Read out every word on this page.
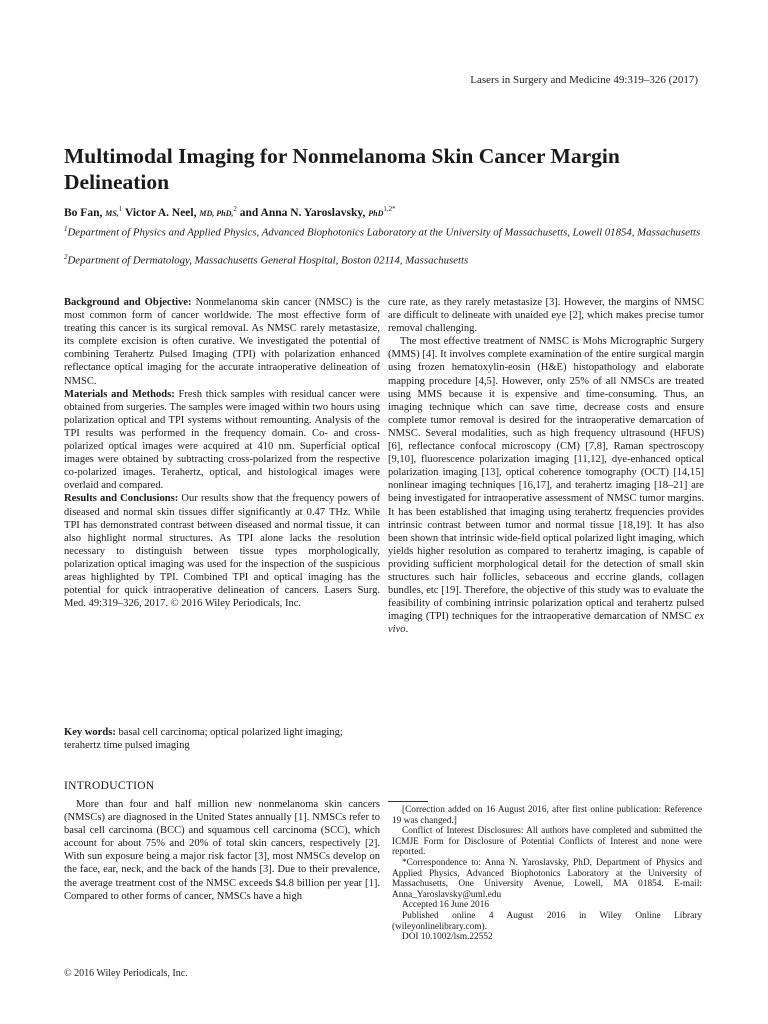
Lasers in Surgery and Medicine 49:319–326 (2017)
Multimodal Imaging for Nonmelanoma Skin Cancer Margin Delineation
Bo Fan, MS,$^1$ Victor A. Neel, MD, PhD,$^2$ and Anna N. Yaroslavsky, PhD$^{1,2*}$
$^1$Department of Physics and Applied Physics, Advanced Biophotonics Laboratory at the University of Massachusetts, Lowell 01854, Massachusetts
$^2$Department of Dermatology, Massachusetts General Hospital, Boston 02114, Massachusetts

Background and Objective: Nonmelanoma skin cancer (NMSC) is the most common form of cancer worldwide. The most effective form of treating this cancer is its surgical removal. As NMSC rarely metastasize, its complete excision is often curative. We investigated the potential of combining Terahertz Pulsed Imaging (TPI) with polarization enhanced reflectance optical imaging for the accurate intraoperative delineation of NMSC.

Materials and Methods: Fresh thick samples with residual cancer were obtained from surgeries. The samples were imaged within two hours using polarization optical and TPI systems without remounting. Analysis of the TPI results was performed in the frequency domain. Co- and cross-polarized optical images were acquired at 410 nm. Superficial optical images were obtained by subtracting cross-polarized from the respective co-polarized images. Terahertz, optical, and histological images were overlaid and compared.

Results and Conclusions: Our results show that the frequency powers of diseased and normal skin tissues differ significantly at 0.47 THz. While TPI has demonstrated contrast between diseased and normal tissue, it can also highlight normal structures. As TPI alone lacks the resolution necessary to distinguish between tissue types morphologically, polarization optical imaging was used for the inspection of the suspicious areas highlighted by TPI. Combined TPI and optical imaging has the potential for quick intraoperative delineation of cancers. Lasers Surg. Med. 49:319–326, 2017. © 2016 Wiley Periodicals, Inc.

Key words: basal cell carcinoma; optical polarized light imaging; terahertz time pulsed imaging

cure rate, as they rarely metastasize [3]. However, the margins of NMSC are difficult to delineate with unaided eye [2], which makes precise tumor removal challenging.

The most effective treatment of NMSC is Mohs Micrographic Surgery (MMS) [4]. It involves complete examination of the entire surgical margin using frozen hematoxylin-eosin (H&E) histopathology and elaborate mapping procedure [4,5]. However, only 25% of all NMSCs are treated using MMS because it is expensive and time-consuming. Thus, an imaging technique which can save time, decrease costs and ensure complete tumor removal is desired for the intraoperative demarcation of NMSC. Several modalities, such as high frequency ultrasound (HFUS) [6], reflectance confocal microscopy (CM) [7,8], Raman spectroscopy [9,10], fluorescence polarization imaging [11,12], dye-enhanced optical polarization imaging [13], optical coherence tomography (OCT) [14,15] nonlinear imaging techniques [16,17], and terahertz imaging [18–21] are being investigated for intraoperative assessment of NMSC tumor margins. It has been established that imaging using terahertz frequencies provides intrinsic contrast between tumor and normal tissue [18,19]. It has also been shown that intrinsic wide-field optical polarized light imaging, which yields higher resolution as compared to terahertz imaging, is capable of providing sufficient morphological detail for the detection of small skin structures such hair follicles, sebaceous and eccrine glands, collagen bundles, etc [19]. Therefore, the objective of this study was to evaluate the feasibility of combining intrinsic polarization optical and terahertz pulsed imaging (TPI) techniques for the intraoperative demarcation of NMSC ex vivo.

INTRODUCTION

More than four and half million new nonmelanoma skin cancers (NMSCs) are diagnosed in the United States annually [1]. NMSCs refer to basal cell carcinoma (BCC) and squamous cell carcinoma (SCC), which account for about 75% and 20% of total skin cancers, respectively [2]. With sun exposure being a major risk factor [3], most NMSCs develop on the face, ear, neck, and the back of the hands [3]. Due to their prevalence, the average treatment cost of the NMSC exceeds $4.8 billion per year [1]. Compared to other forms of cancer, NMSCs have a high

[Correction added on 16 August 2016, after first online publication: Reference 19 was changed.]

Conflict of Interest Disclosures: All authors have completed and submitted the ICMJE Form for Disclosure of Potential Conflicts of Interest and none were reported.

*Correspondence to: Anna N. Yaroslavsky, PhD, Department of Physics and Applied Physics, Advanced Biophotonics Laboratory at the University of Massachusetts, One University Avenue, Lowell, MA 01854. E-mail: Anna_Yaroslavsky@uml.edu

Accepted 16 June 2016

Published online 4 August 2016 in Wiley Online Library (wileyonlinelibrary.com).

DOI 10.1002/lsm.22552

© 2016 Wiley Periodicals, Inc.
